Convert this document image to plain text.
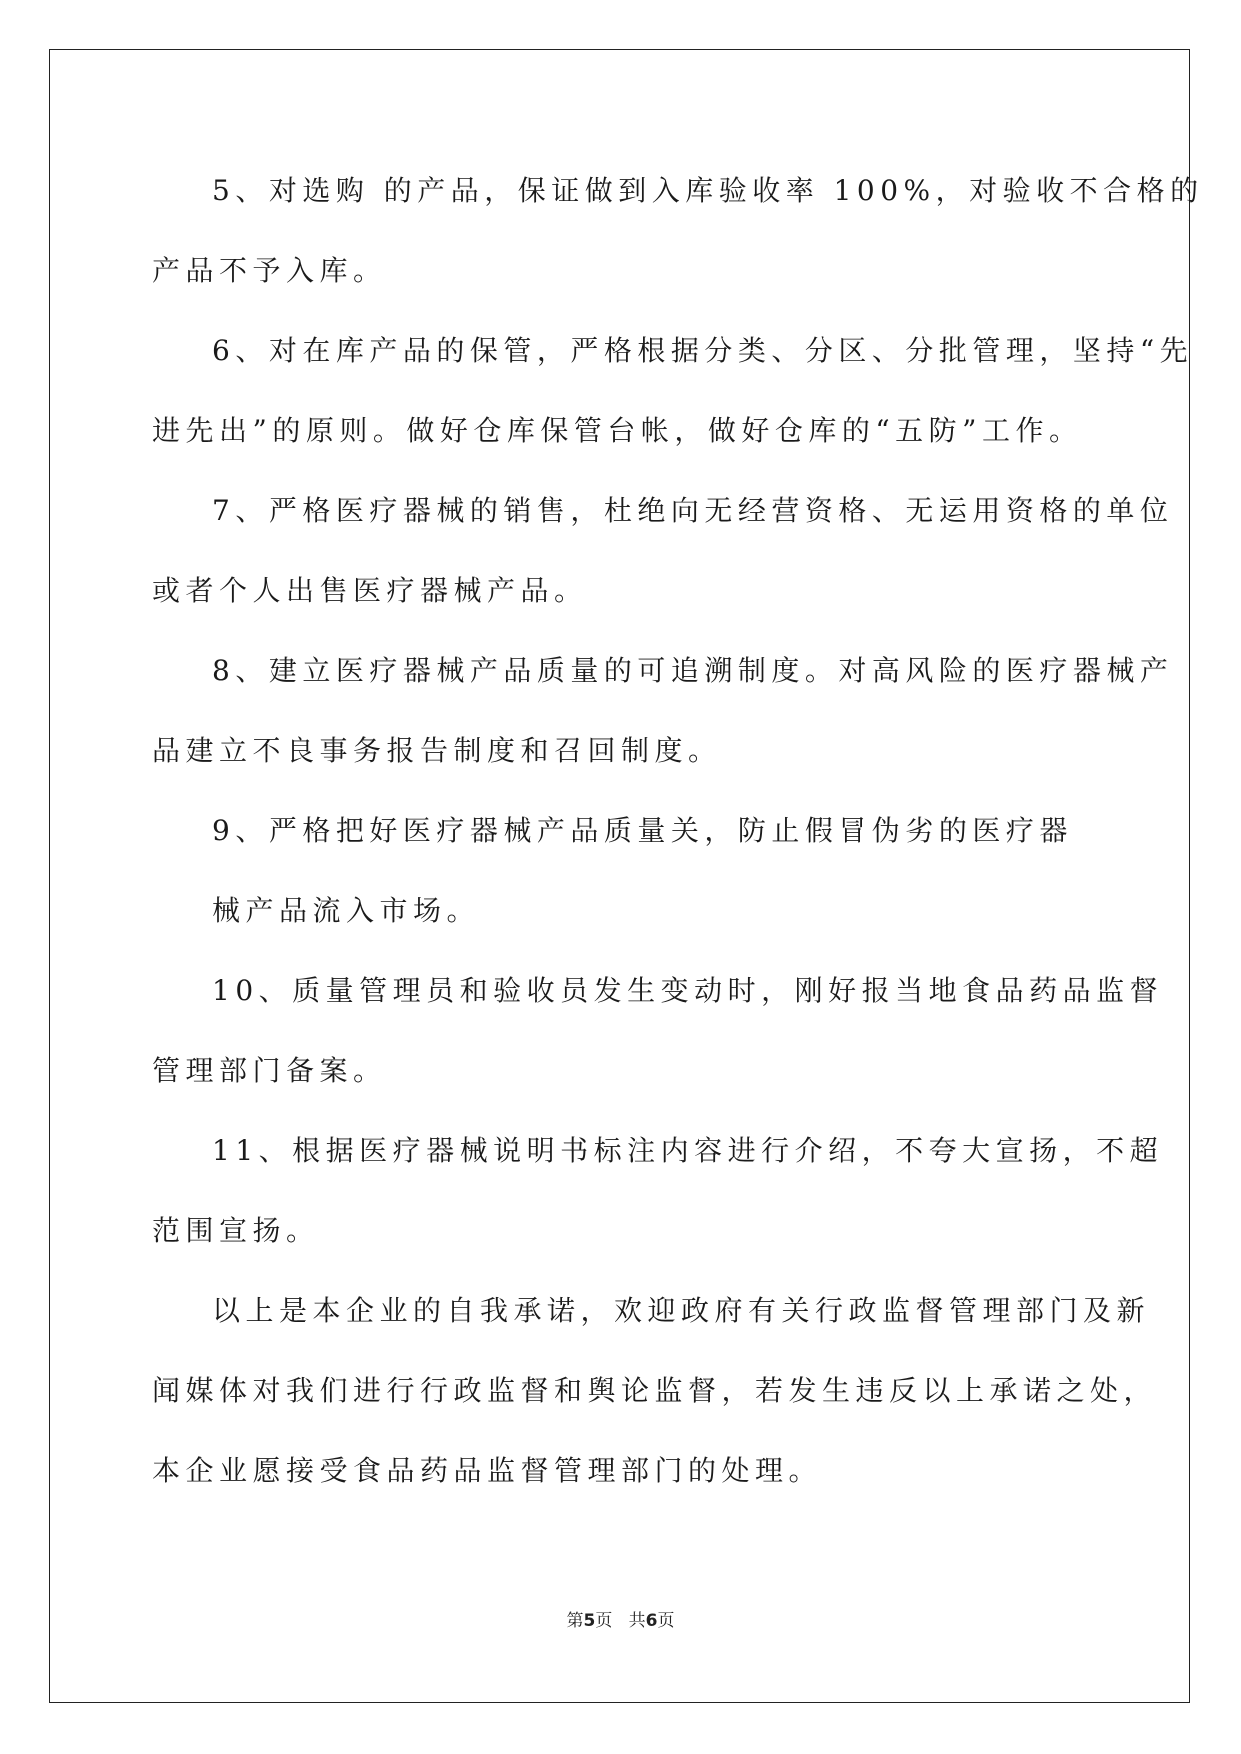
5、对选购 的产品，保证做到入库验收率 100%，对验收不合格的
产品不予入库。
6、对在库产品的保管，严格根据分类、分区、分批管理，坚持“先
进先出”的原则。做好仓库保管台帐，做好仓库的“五防”工作。
7、严格医疗器械的销售，杜绝向无经营资格、无运用资格的单位
或者个人出售医疗器械产品。
8、建立医疗器械产品质量的可追溯制度。对高风险的医疗器械产
品建立不良事务报告制度和召回制度。
9、严格把好医疗器械产品质量关，防止假冒伪劣的医疗器
械产品流入市场。
10、质量管理员和验收员发生变动时，刚好报当地食品药品监督
管理部门备案。
11、根据医疗器械说明书标注内容进行介绍，不夸大宣扬，不超
范围宣扬。
以上是本企业的自我承诺，欢迎政府有关行政监督管理部门及新
闻媒体对我们进行行政监督和舆论监督，若发生违反以上承诺之处，
本企业愿接受食品药品监督管理部门的处理。
第5页 共6页
